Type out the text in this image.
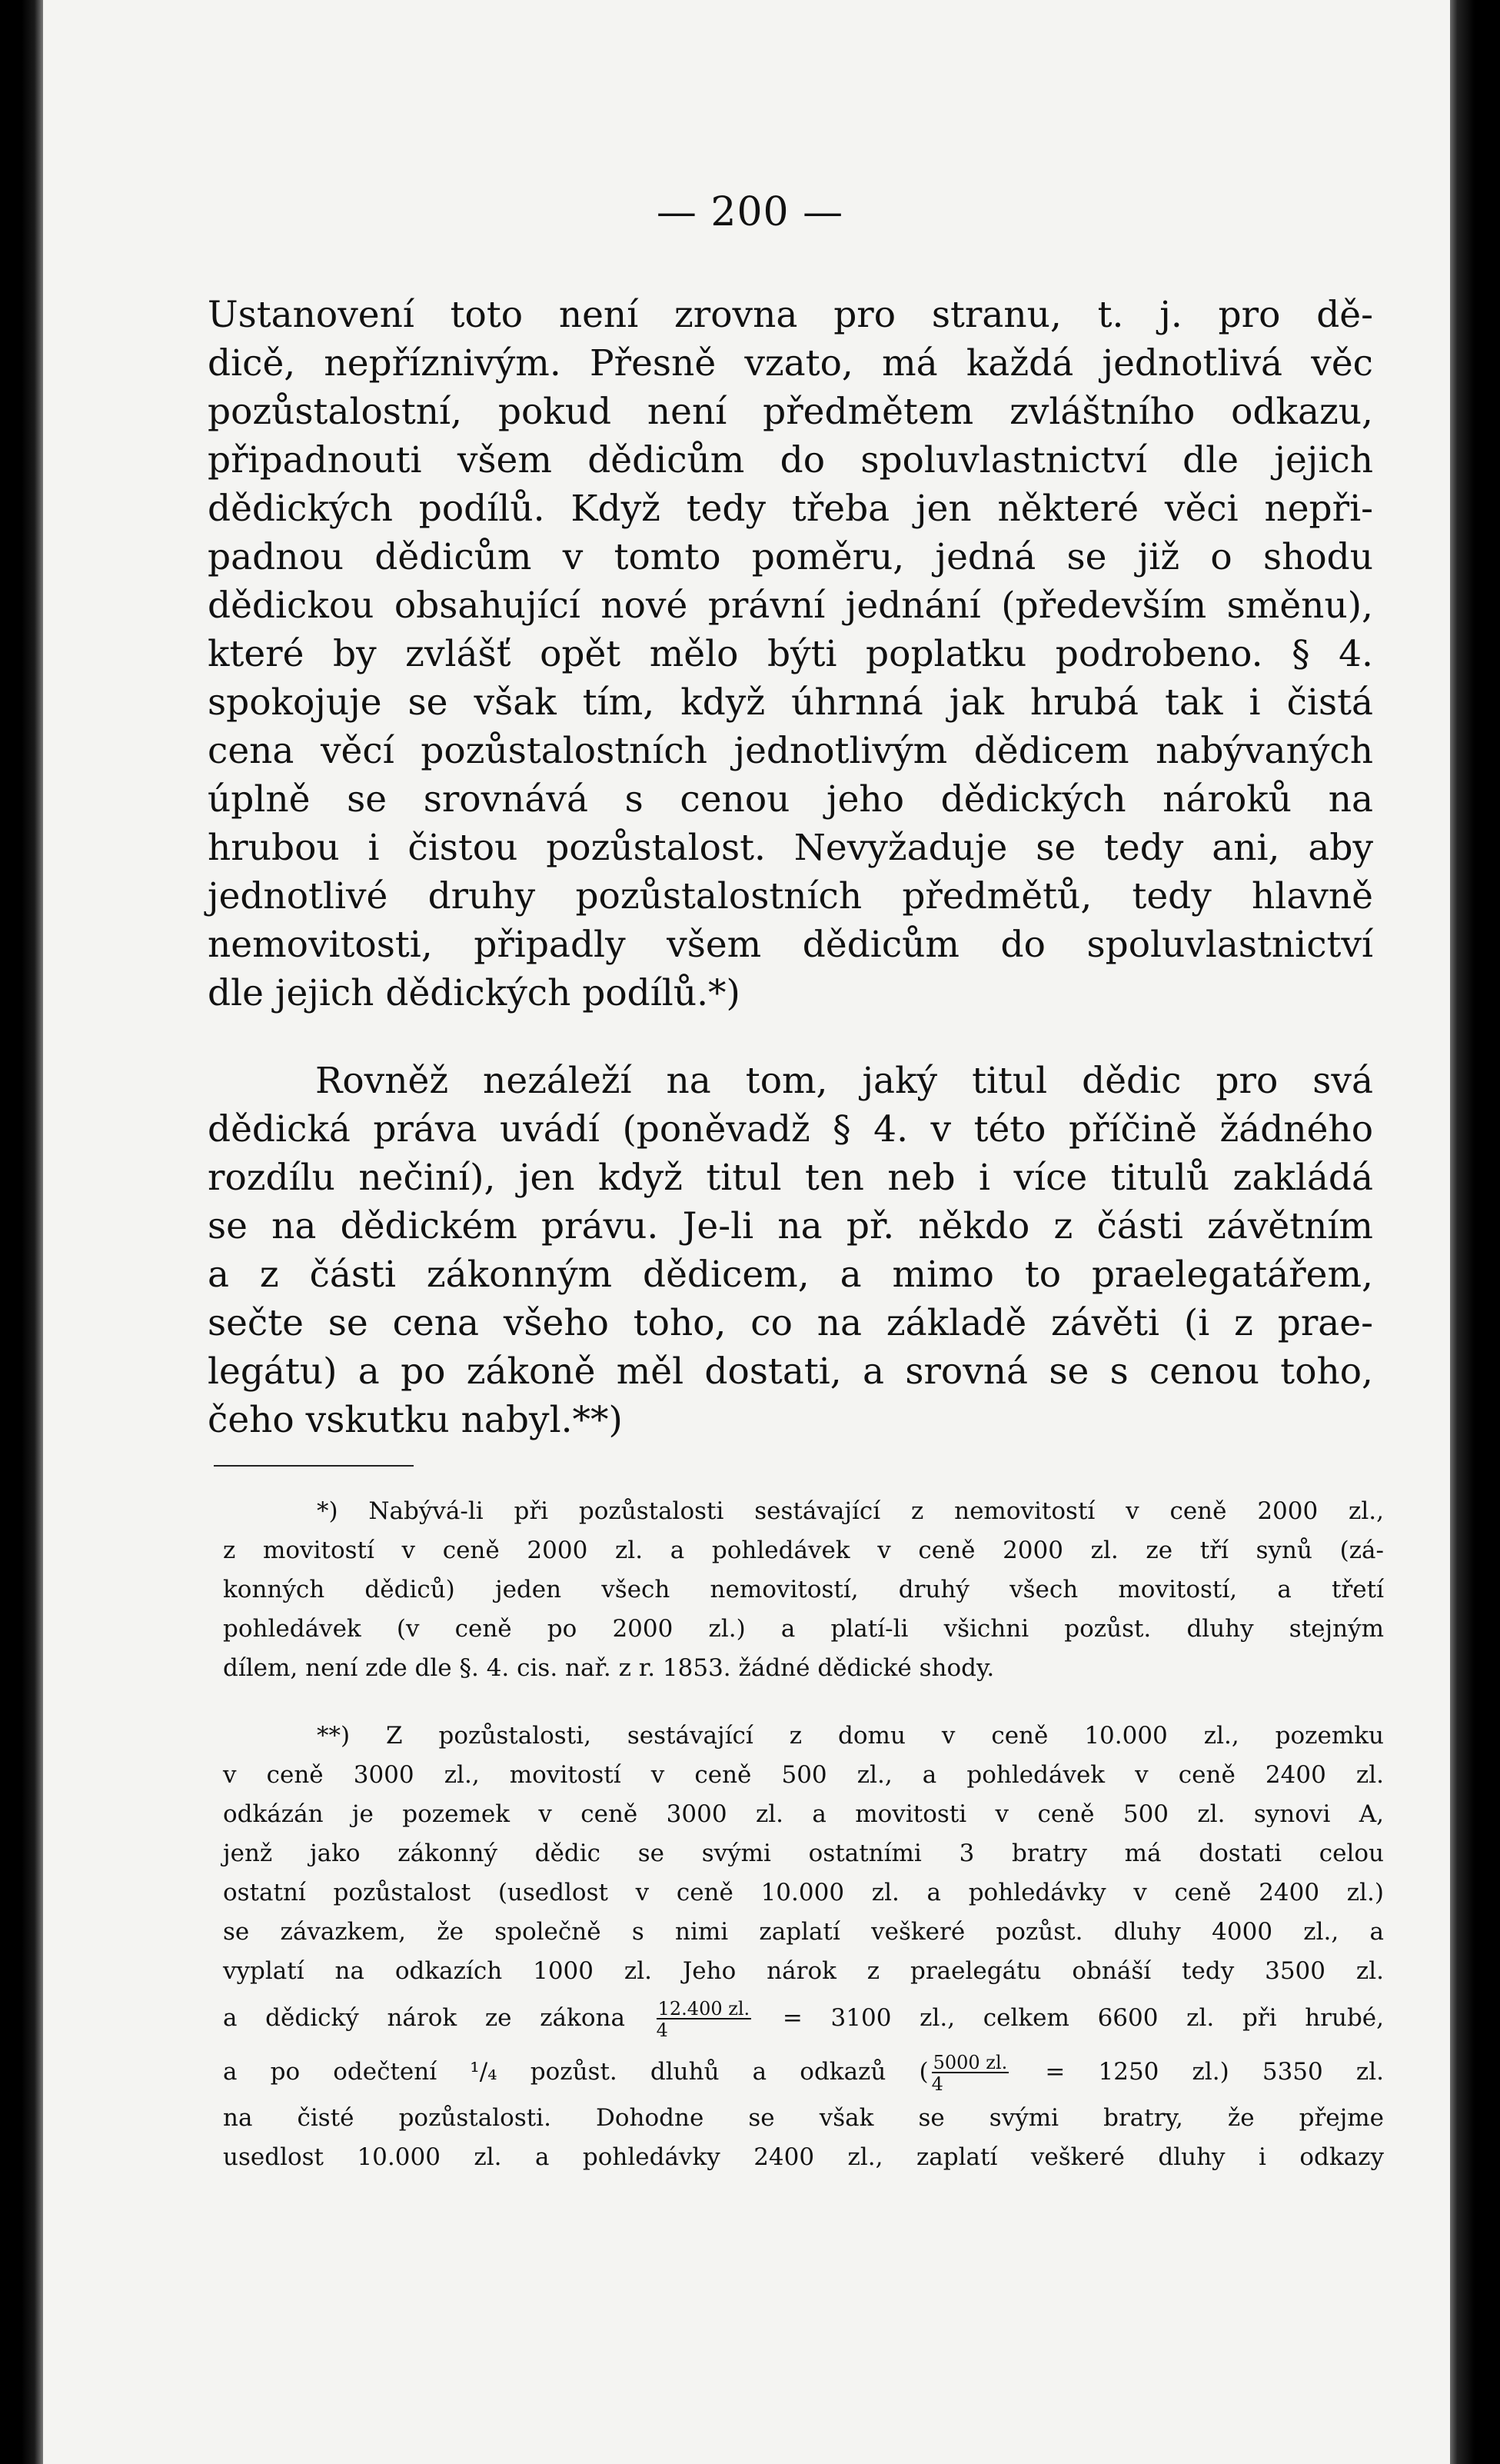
— 200 —
Ustanovení toto není zrovna pro stranu, t. j. pro dě-
dicě, nepříznivým. Přesně vzato, má každá jednotlivá věc
pozůstalostní, pokud není předmětem zvláštního odkazu,
připadnouti všem dědicům do spoluvlastnictví dle jejich
dědických podílů. Když tedy třeba jen některé věci nepři-
padnou dědicům v tomto poměru, jedná se již o shodu
dědickou obsahující nové právní jednání (především směnu),
které by zvlášť opět mělo býti poplatku podrobeno. § 4.
spokojuje se však tím, když úhrnná jak hrubá tak i čistá
cena věcí pozůstalostních jednotlivým dědicem nabývaných
úplně se srovnává s cenou jeho dědických nároků na
hrubou i čistou pozůstalost. Nevyžaduje se tedy ani, aby
jednotlivé druhy pozůstalostních předmětů, tedy hlavně
nemovitosti, připadly všem dědicům do spoluvlastnictví
dle jejich dědických podílů.*)
Rovněž nezáleží na tom, jaký titul dědic pro svá
dědická práva uvádí (poněvadž § 4. v této příčině žádného
rozdílu nečiní), jen když titul ten neb i více titulů zakládá
se na dědickém právu. Je-li na př. někdo z části závětním
a z části zákonným dědicem, a mimo to praelegatářem,
sečte se cena všeho toho, co na základě závěti (i z prae-
legátu) a po zákoně měl dostati, a srovná se s cenou toho,
čeho vskutku nabyl.**)
*) Nabývá-li při pozůstalosti sestávající z nemovitostí v ceně 2000 zl.,
z movitostí v ceně 2000 zl. a pohledávek v ceně 2000 zl. ze tří synů (zá-
konných dědiců) jeden všech nemovitostí, druhý všech movitostí, a třetí
pohledávek (v ceně po 2000 zl.) a platí-li všichni pozůst. dluhy stejným
dílem, není zde dle §. 4. cis. nař. z r. 1853. žádné dědické shody.
**) Z pozůstalosti, sestávající z domu v ceně 10.000 zl., pozemku
v ceně 3000 zl., movitostí v ceně 500 zl., a pohledávek v ceně 2400 zl.
odkázán je pozemek v ceně 3000 zl. a movitosti v ceně 500 zl. synovi A,
jenž jako zákonný dědic se svými ostatními 3 bratry má dostati celou
ostatní pozůstalost (usedlost v ceně 10.000 zl. a pohledávky v ceně 2400 zl.)
se závazkem, že společně s nimi zaplatí veškeré pozůst. dluhy 4000 zl., a
vyplatí na odkazích 1000 zl. Jeho nárok z praelegátu obnáší tedy 3500 zl.
a dědický nárok ze zákona $\frac{12.400 zl.}{4} = 3100$ zl., celkem 6600 zl. při hrubé,
a po odečtení ¹/₄ pozůst. dluhů a odkazů ( $\frac{5000 zl.}{4} = 1250$ zl.) 5350 zl.
na čisté pozůstalosti. Dohodne se však se svými bratry, že přejme
usedlost 10.000 zl. a pohledávky 2400 zl., zaplatí veškeré dluhy i odkazy
